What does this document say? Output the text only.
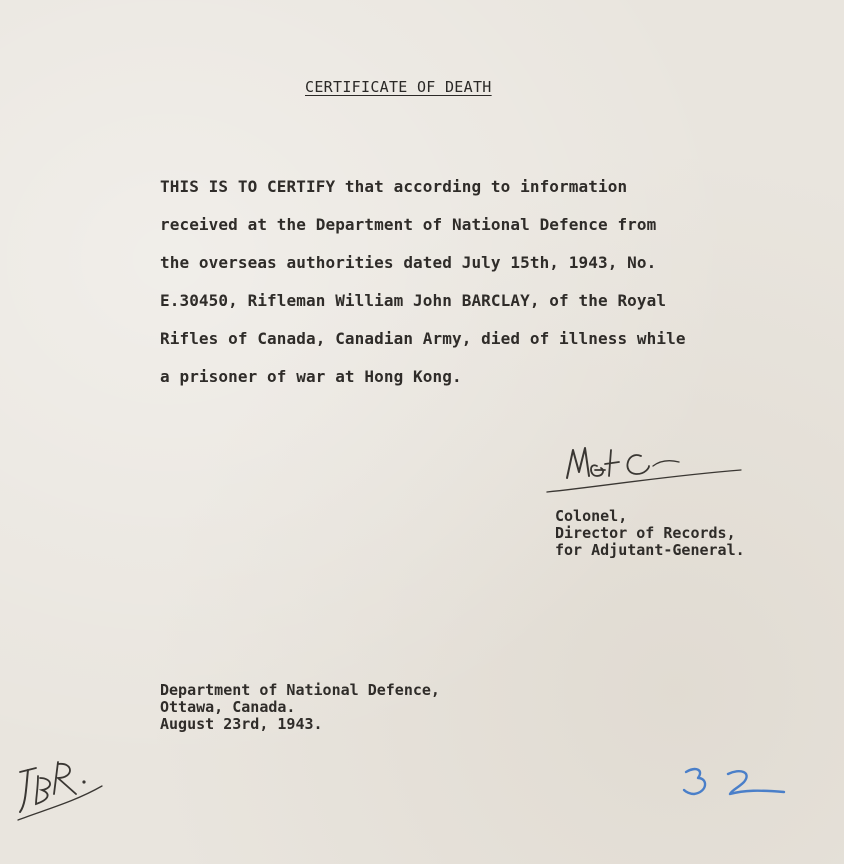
CERTIFICATE OF DEATH
THIS IS TO CERTIFY that according to information
received at the Department of National Defence from
the overseas authorities dated July 15th, 1943, No.
E.30450, Rifleman William John BARCLAY, of the Royal
Rifles of Canada, Canadian Army, died of illness while
a prisoner of war at Hong Kong.
Colonel,
Director of Records,
for Adjutant-General.
Department of National Defence,
Ottawa, Canada.
August 23rd, 1943.
